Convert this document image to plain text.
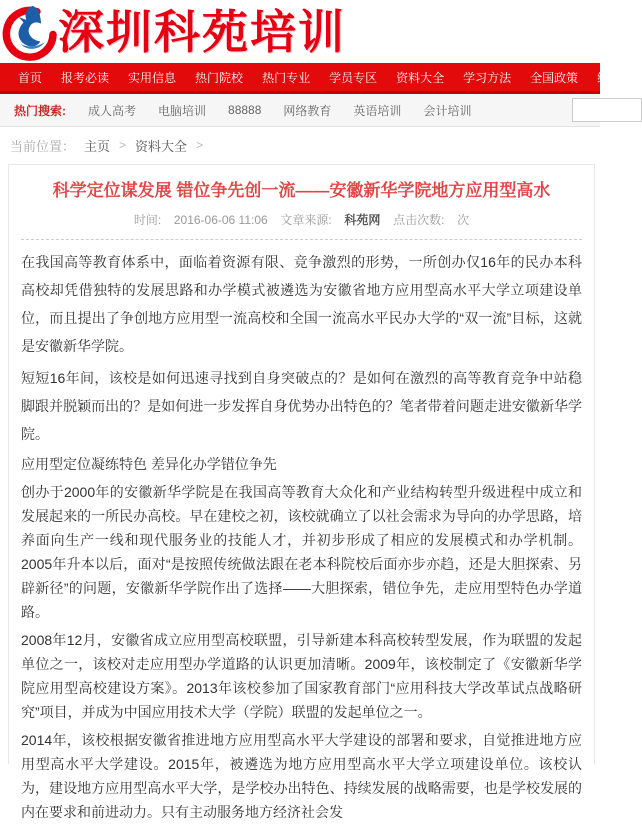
深圳科苑培训
首页 报考必读 实用信息 热门院校 热门专业 学员专区 资料大全 学习方法 全国政策 综合
热门搜索: 成人高考 电脑培训 88888 网络教育 英语培训 会计培训
当前位置： 主页 > 资料大全 >
科学定位谋发展 错位争先创一流——安徽新华学院地方应用型高水
时间: 2016-06-06 11:06 文章来源: 科苑网 点击次数: 次

在我国高等教育体系中，面临着资源有限、竞争激烈的形势，一所创办仅16年的民办本科高校却凭借独特的发展思路和办学模式被遴选为安徽省地方应用型高水平大学立项建设单位，而且提出了争创地方应用型一流高校和全国一流高水平民办大学的“双一流”目标，这就是安徽新华学院。

短短16年间，该校是如何迅速寻找到自身突破点的？是如何在激烈的高等教育竞争中站稳脚跟并脱颖而出的？是如何进一步发挥自身优势办出特色的？笔者带着问题走进安徽新华学院。

应用型定位凝练特色 差异化办学错位争先

创办于2000年的安徽新华学院是在我国高等教育大众化和产业结构转型升级进程中成立和发展起来的一所民办高校。早在建校之初，该校就确立了以社会需求为导向的办学思路，培养面向生产一线和现代服务业的技能人才，并初步形成了相应的发展模式和办学机制。2005年升本以后，面对“是按照传统做法跟在老本科院校后面亦步亦趋，还是大胆探索、另辟新径”的问题，安徽新华学院作出了选择——大胆探索，错位争先，走应用型特色办学道路。

2008年12月，安徽省成立应用型高校联盟，引导新建本科高校转型发展，作为联盟的发起单位之一，该校对走应用型办学道路的认识更加清晰。2009年，该校制定了《安徽新华学院应用型高校建设方案》。2013年该校参加了国家教育部门“应用科技大学改革试点战略研究”项目，并成为中国应用技术大学（学院）联盟的发起单位之一。

2014年，该校根据安徽省推进地方应用型高水平大学建设的部署和要求，自觉推进地方应用型高水平大学建设。2015年，被遴选为地方应用型高水平大学立项建设单位。该校认为，建设地方应用型高水平大学，是学校办出特色、持续发展的战略需要，也是学校发展的内在要求和前进动力。只有主动服务地方经济社会发
